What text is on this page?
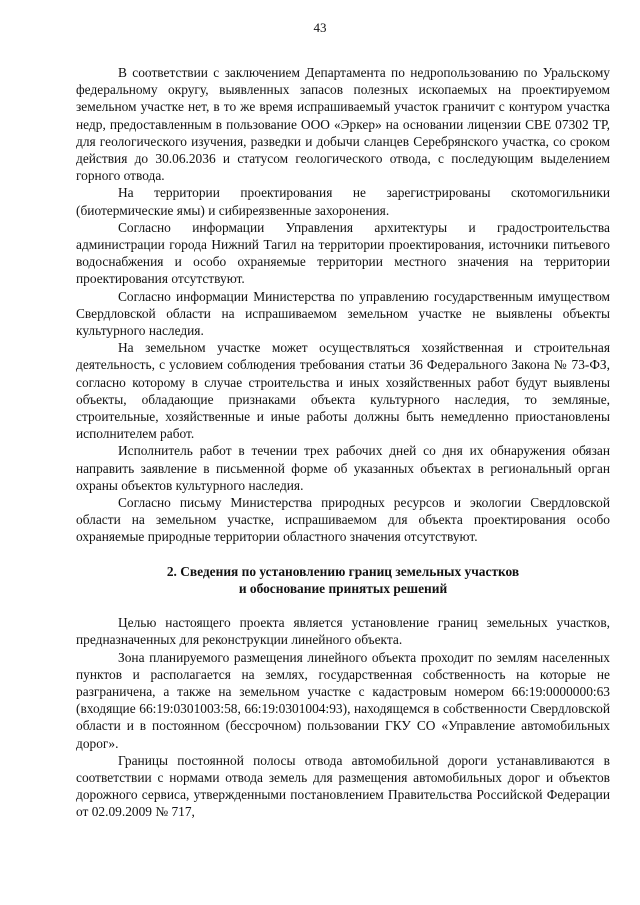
43

В соответствии с заключением Департамента по недропользованию по Уральскому федеральному округу, выявленных запасов полезных ископаемых на проектируемом земельном участке нет, в то же время испрашиваемый участок граничит с контуром участка недр, предоставленным в пользование ООО «Эркер» на основании лицензии СВЕ 07302 ТР, для геологического изучения, разведки и добычи сланцев Серебрянского участка, со сроком действия до 30.06.2036 и статусом геологического отвода, с последующим выделением горного отвода.

На территории проектирования не зарегистрированы скотомогильники (биотермические ямы) и сибиреязвенные захоронения.

Согласно информации Управления архитектуры и градостроительства администрации города Нижний Тагил на территории проектирования, источники питьевого водоснабжения и особо охраняемые территории местного значения на территории проектирования отсутствуют.

Согласно информации Министерства по управлению государственным имуществом Свердловской области на испрашиваемом земельном участке не выявлены объекты культурного наследия.

На земельном участке может осуществляться хозяйственная и строительная деятельность, с условием соблюдения требования статьи 36 Федерального Закона № 73-ФЗ, согласно которому в случае строительства и иных хозяйственных работ будут выявлены объекты, обладающие признаками объекта культурного наследия, то земляные, строительные, хозяйственные и иные работы должны быть немедленно приостановлены исполнителем работ.

Исполнитель работ в течении трех рабочих дней со дня их обнаружения обязан направить заявление в письменной форме об указанных объектах в региональный орган охраны объектов культурного наследия.

Согласно письму Министерства природных ресурсов и экологии Свердловской области на земельном участке, испрашиваемом для объекта проектирования особо охраняемые природные территории областного значения отсутствуют.

2. Сведения по установлению границ земельных участков
и обоснование принятых решений

Целью настоящего проекта является установление границ земельных участков, предназначенных для реконструкции линейного объекта.

Зона планируемого размещения линейного объекта проходит по землям населенных пунктов и располагается на землях, государственная собственность на которые не разграничена, а также на земельном участке с кадастровым номером 66:19:0000000:63 (входящие 66:19:0301003:58, 66:19:0301004:93), находящемся в собственности Свердловской области и в постоянном (бессрочном) пользовании ГКУ СО «Управление автомобильных дорог».

Границы постоянной полосы отвода автомобильной дороги устанавливаются в соответствии с нормами отвода земель для размещения автомобильных дорог и объектов дорожного сервиса, утвержденными постановлением Правительства Российской Федерации от 02.09.2009 № 717,
